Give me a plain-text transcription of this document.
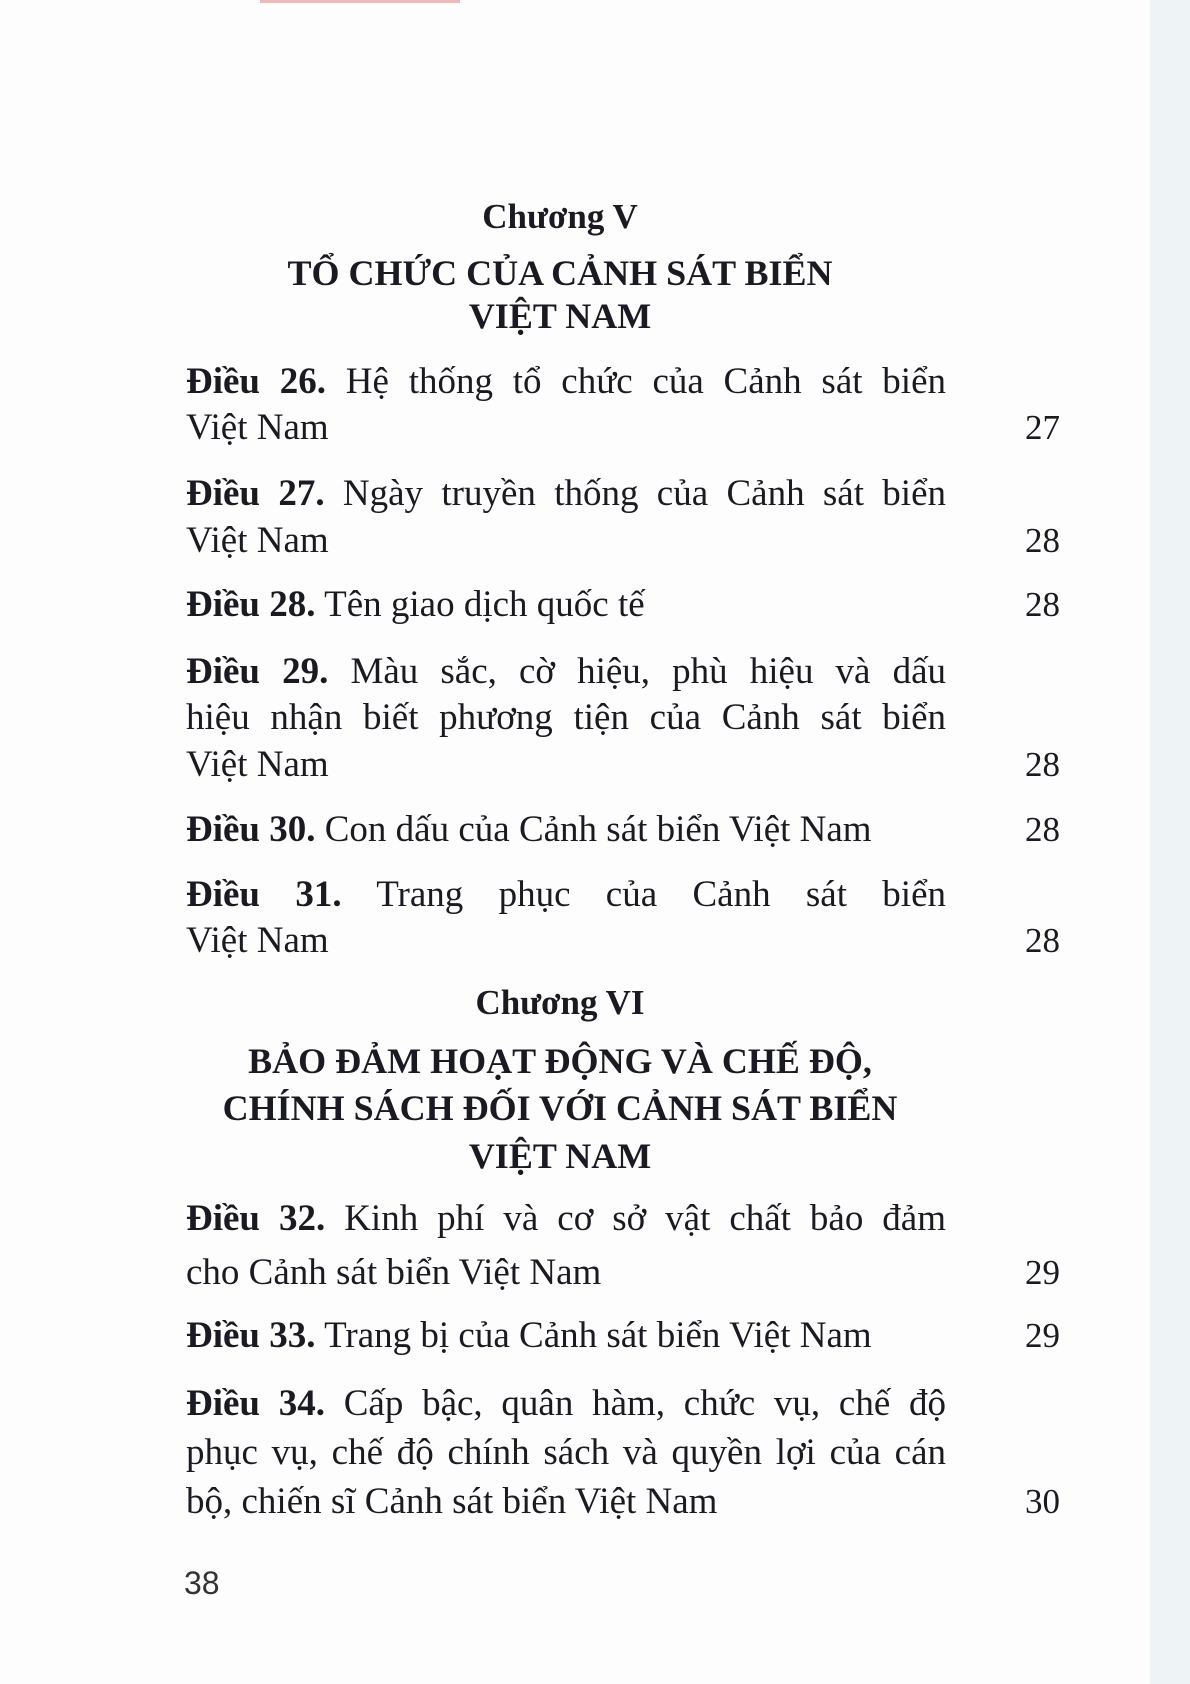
Chương V
TỔ CHỨC CỦA CẢNH SÁT BIỂN
VIỆT NAM
Điều 26. Hệ thống tổ chức của Cảnh sát biển
Việt Nam	27
Điều 27. Ngày truyền thống của Cảnh sát biển
Việt Nam	28
Điều 28. Tên giao dịch quốc tế	28
Điều 29. Màu sắc, cờ hiệu, phù hiệu và dấu
hiệu nhận biết phương tiện của Cảnh sát biển
Việt Nam	28
Điều 30. Con dấu của Cảnh sát biển Việt Nam	28
Điều 31. Trang phục của Cảnh sát biển
Việt Nam	28
Chương VI
BẢO ĐẢM HOẠT ĐỘNG VÀ CHẾ ĐỘ,
CHÍNH SÁCH ĐỐI VỚI CẢNH SÁT BIỂN
VIỆT NAM
Điều 32. Kinh phí và cơ sở vật chất bảo đảm
cho Cảnh sát biển Việt Nam	29
Điều 33. Trang bị của Cảnh sát biển Việt Nam	29
Điều 34. Cấp bậc, quân hàm, chức vụ, chế độ
phục vụ, chế độ chính sách và quyền lợi của cán
bộ, chiến sĩ Cảnh sát biển Việt Nam	30
38
